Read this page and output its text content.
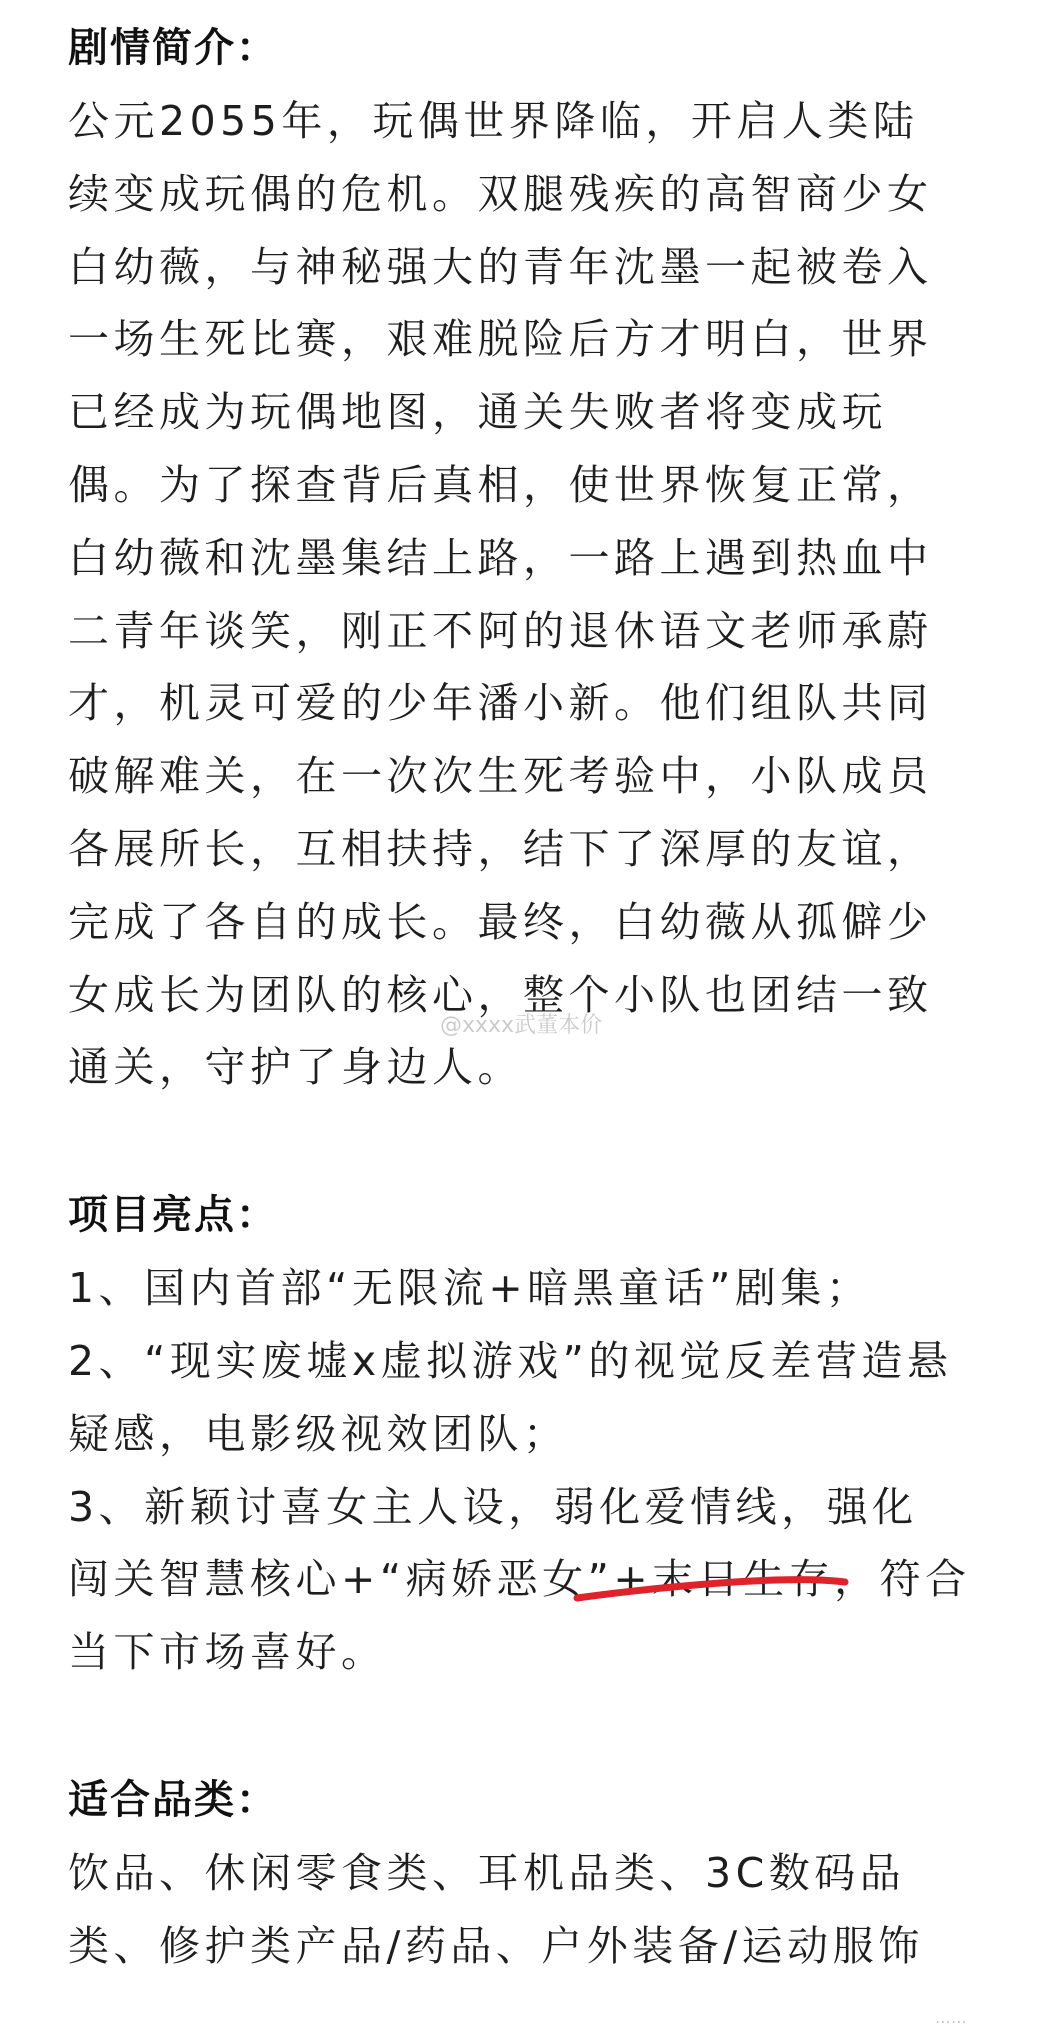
剧情简介：
公元2055年，玩偶世界降临，开启人类陆
续变成玩偶的危机。双腿残疾的高智商少女
白幼薇，与神秘强大的青年沈墨一起被卷入
一场生死比赛，艰难脱险后方才明白，世界
已经成为玩偶地图，通关失败者将变成玩
偶。为了探查背后真相，使世界恢复正常，
白幼薇和沈墨集结上路，一路上遇到热血中
二青年谈笑，刚正不阿的退休语文老师承蔚
才，机灵可爱的少年潘小新。他们组队共同
破解难关，在一次次生死考验中，小队成员
各展所长，互相扶持，结下了深厚的友谊，
完成了各自的成长。最终，白幼薇从孤僻少
女成长为团队的核心，整个小队也团结一致
通关，守护了身边人。
项目亮点：
1、国内首部“无限流+暗黑童话”剧集；
2、“现实废墟x虚拟游戏”的视觉反差营造悬
疑感，电影级视效团队；
3、新颖讨喜女主人设，弱化爱情线，强化
闯关智慧核心+“病娇恶女”+末日生存，符合
当下市场喜好。
适合品类：
饮品、休闲零食类、耳机品类、3C数码品
类、修护类产品/药品、户外装备/运动服饰
@xxxx武董本价
⋯⋯
